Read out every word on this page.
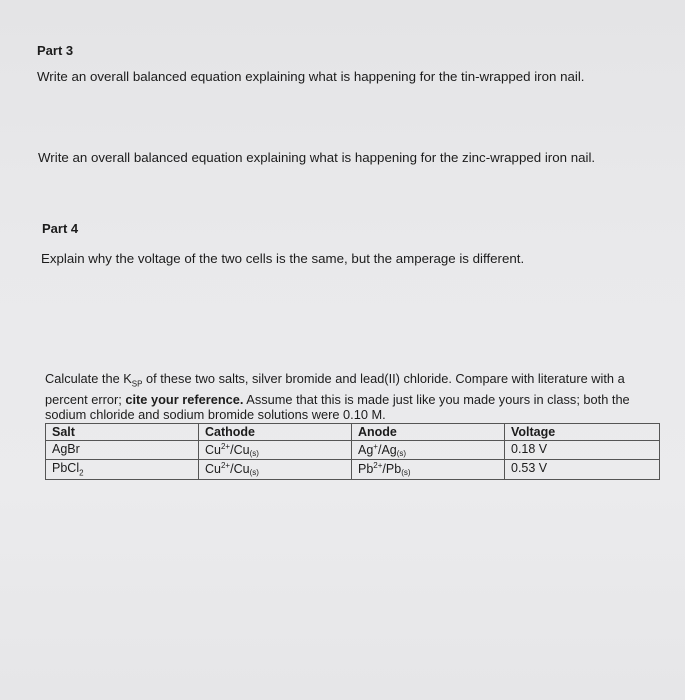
Part 3
Write an overall balanced equation explaining what is happening for the tin-wrapped iron nail.
Write an overall balanced equation explaining what is happening for the zinc-wrapped iron nail.
Part 4
Explain why the voltage of the two cells is the same, but the amperage is different.
Calculate the $K_{SP}$ of these two salts, silver bromide and lead(II) chloride. Compare with literature with a percent error; cite your reference. Assume that this is made just like you made yours in class; both the sodium chloride and sodium bromide solutions were 0.10 M.
Salt	Cathode	Anode	Voltage
AgBr	$Cu^{2+}/Cu_{(s)}$	$Ag^+/Ag_{(s)}$	0.18 V
PbCl$_2$	$Cu^{2+}/Cu_{(s)}$	$Pb^{2+}/Pb_{(s)}$	0.53 V
